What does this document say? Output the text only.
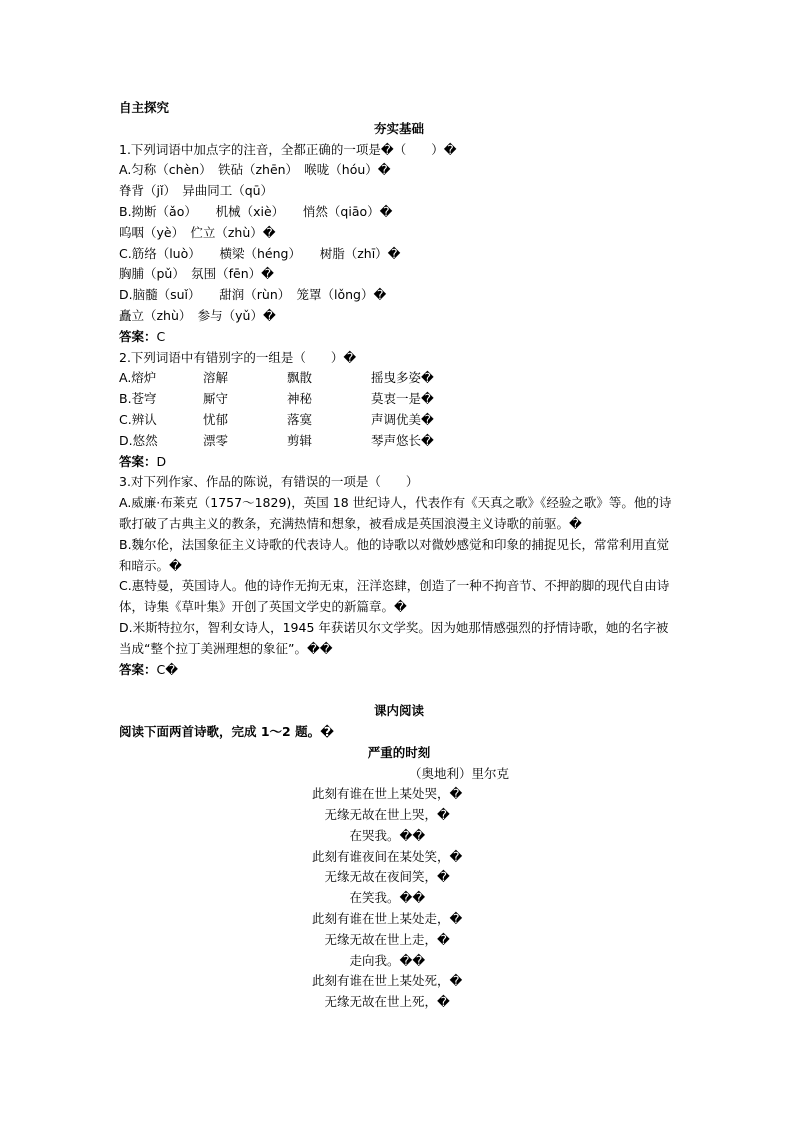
自主探究
夯实基础
1.下列词语中加点字的注音，全都正确的一项是�（　　）�
A.匀称（chèn）　铁砧（zhēn）　喉咙（hóu）�
脊背（jǐ）　异曲同工（qū）
B.拗断（ǎo）　　机械（xiè）　　悄然（qiāo）�
呜咽（yè）　伫立（zhù）�
C.筋络（luò）　　横梁（héng）　　树脂（zhī）�
胸脯（pǔ）　氛围（fēn）�
D.脑髓（suǐ）　　甜润（rùn）　笼罩（lǒng）�
矗立（zhù）　参与（yǔ）�
答案：C
2.下列词语中有错别字的一组是（　　）�
A.熔炉	溶解	飘散	摇曳多姿�
B.苍穹	厮守	神秘	莫衷一是�
C.辨认	忧郁	落寞	声调优美�
D.悠然	漂零	剪辑	琴声悠长�
答案：D
3.对下列作家、作品的陈说，有错误的一项是（　　）
A.威廉·布莱克（1757～1829)，英国 18 世纪诗人，代表作有《天真之歌》《经验之歌》等。他的诗歌打破了古典主义的教条，充满热情和想象，被看成是英国浪漫主义诗歌的前驱。�
B.魏尔伦，法国象征主义诗歌的代表诗人。他的诗歌以对微妙感觉和印象的捕捉见长，常常利用直觉和暗示。�
C.惠特曼，英国诗人。他的诗作无拘无束，汪洋恣肆，创造了一种不拘音节、不押韵脚的现代自由诗体，诗集《草叶集》开创了英国文学史的新篇章。�
D.米斯特拉尔，智利女诗人，1945 年获诺贝尔文学奖。因为她那情感强烈的抒情诗歌，她的名字被当成“整个拉丁美洲理想的象征”。��
答案：C�
课内阅读
阅读下面两首诗歌，完成 1～2 题。�
严重的时刻
（奥地利）里尔克
此刻有谁在世上某处哭，�
　无缘无故在世上哭，�
　　　在哭我。��
此刻有谁夜间在某处笑，�
　无缘无故在夜间笑，�
　　　在笑我。��
此刻有谁在世上某处走，�
　无缘无故在世上走，�
　　　走向我。��
此刻有谁在世上某处死，�
　无缘无故在世上死，�
